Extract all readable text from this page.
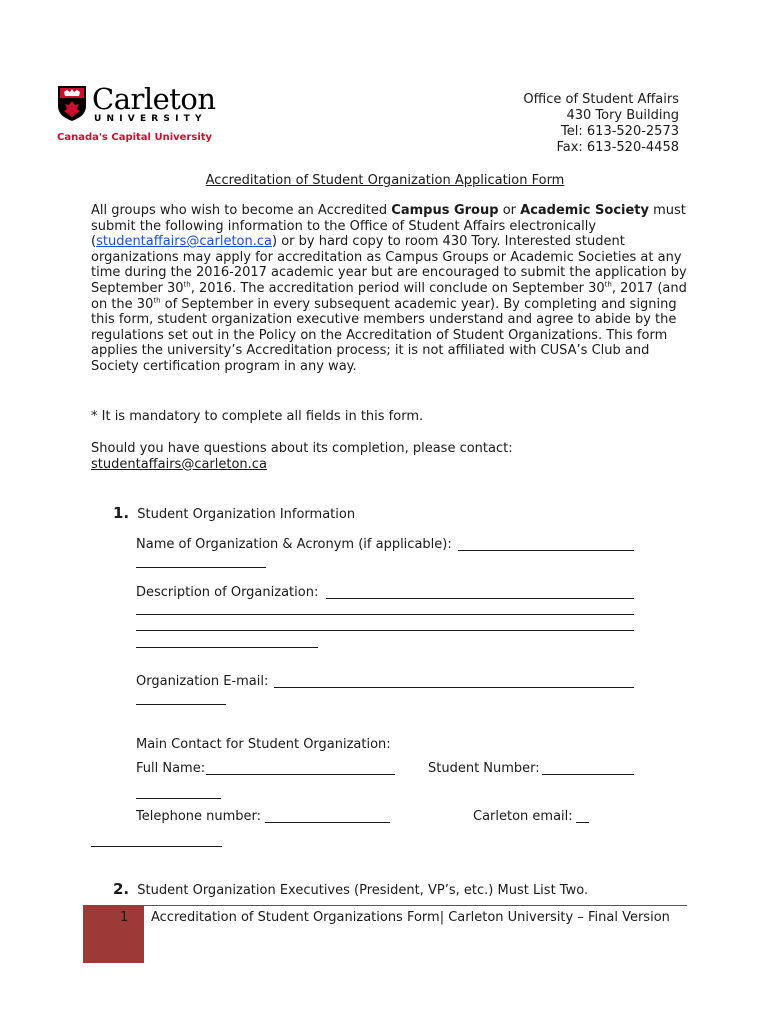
Carleton
UNIVERSITY
Canada's Capital University
Office of Student Affairs
430 Tory Building
Tel: 613-520-2573
Fax: 613-520-4458
Accreditation of Student Organization Application Form
All groups who wish to become an Accredited Campus Group or Academic Society must submit the following information to the Office of Student Affairs electronically (studentaffairs@carleton.ca) or by hard copy to room 430 Tory. Interested student organizations may apply for accreditation as Campus Groups or Academic Societies at any time during the 2016-2017 academic year but are encouraged to submit the application by September 30th, 2016. The accreditation period will conclude on September 30th, 2017 (and on the 30th of September in every subsequent academic year). By completing and signing this form, student organization executive members understand and agree to abide by the regulations set out in the Policy on the Accreditation of Student Organizations. This form applies the university’s Accreditation process; it is not affiliated with CUSA’s Club and Society certification program in any way.
* It is mandatory to complete all fields in this form.
Should you have questions about its completion, please contact:
studentaffairs@carleton.ca
1. Student Organization Information
Name of Organization & Acronym (if applicable):
Description of Organization:
Organization E-mail:
Main Contact for Student Organization:
Full Name:	Student Number:
Telephone number:	Carleton email:
2. Student Organization Executives (President, VP’s, etc.) Must List Two.
1 Accreditation of Student Organizations Form| Carleton University – Final Version
